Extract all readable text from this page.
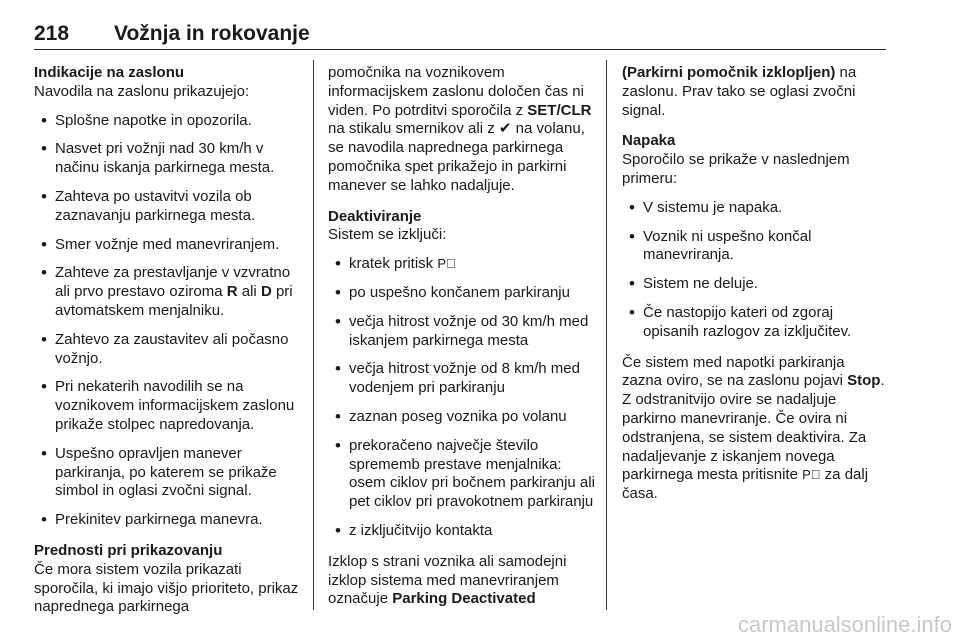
218 Vožnja in rokovanje

Indikacije na zaslonu

Navodila na zaslonu prikazujejo:

• Splošne napotke in opozorila.
• Nasvet pri vožnji nad 30 km/h v načinu iskanja parkirnega mesta.
• Zahteva po ustavitvi vozila ob zaznavanju parkirnega mesta.
• Smer vožnje med manevriranjem.
• Zahteve za prestavljanje v vzvratno ali prvo prestavo oziroma R ali D pri avtomatskem menjalniku.
• Zahtevo za zaustavitev ali počasno vožnjo.
• Pri nekaterih navodilih se na voznikovem informacijskem zaslonu prikaže stolpec napredovanja.
• Uspešno opravljen manever parkiranja, po katerem se prikaže simbol in oglasi zvočni signal.
• Prekinitev parkirnega manevra.

Prednosti pri prikazovanju

Če mora sistem vozila prikazati sporočila, ki imajo višjo prioriteto, prikaz naprednega parkirnega

pomočnika na voznikovem informacijskem zaslonu določen čas ni viden. Po potrditvi sporočila z SET/CLR na stikalu smernikov ali z ✔ na volanu, se navodila naprednega parkirnega pomočnika spet prikažejo in parkirni manever se lahko nadaljuje.

Deaktiviranje

Sistem se izključi:

• kratek pritisk P⃝
• po uspešno končanem parkiranju
• večja hitrost vožnje od 30 km/h med iskanjem parkirnega mesta
• večja hitrost vožnje od 8 km/h med vodenjem pri parkiranju
• zaznan poseg voznika po volanu
• prekoračeno največje število sprememb prestave menjalnika: osem ciklov pri bočnem parkiranju ali pet ciklov pri pravokotnem parkiranju
• z izključitvijo kontakta

Izklop s strani voznika ali samodejni izklop sistema med manevriranjem označuje Parking Deactivated

(Parkirni pomočnik izklopljen) na zaslonu. Prav tako se oglasi zvočni signal.

Napaka

Sporočilo se prikaže v naslednjem primeru:

• V sistemu je napaka.
• Voznik ni uspešno končal manevriranja.
• Sistem ne deluje.
• Če nastopijo kateri od zgoraj opisanih razlogov za izključitev.

Če sistem med napotki parkiranja zazna oviro, se na zaslonu pojavi Stop. Z odstranitvijo ovire se nadaljuje parkirno manevriranje. Če ovira ni odstranjena, se sistem deaktivira. Za nadaljevanje z iskanjem novega parkirnega mesta pritisnite P⃝ za dalj časa.

carmanualsonline.info
